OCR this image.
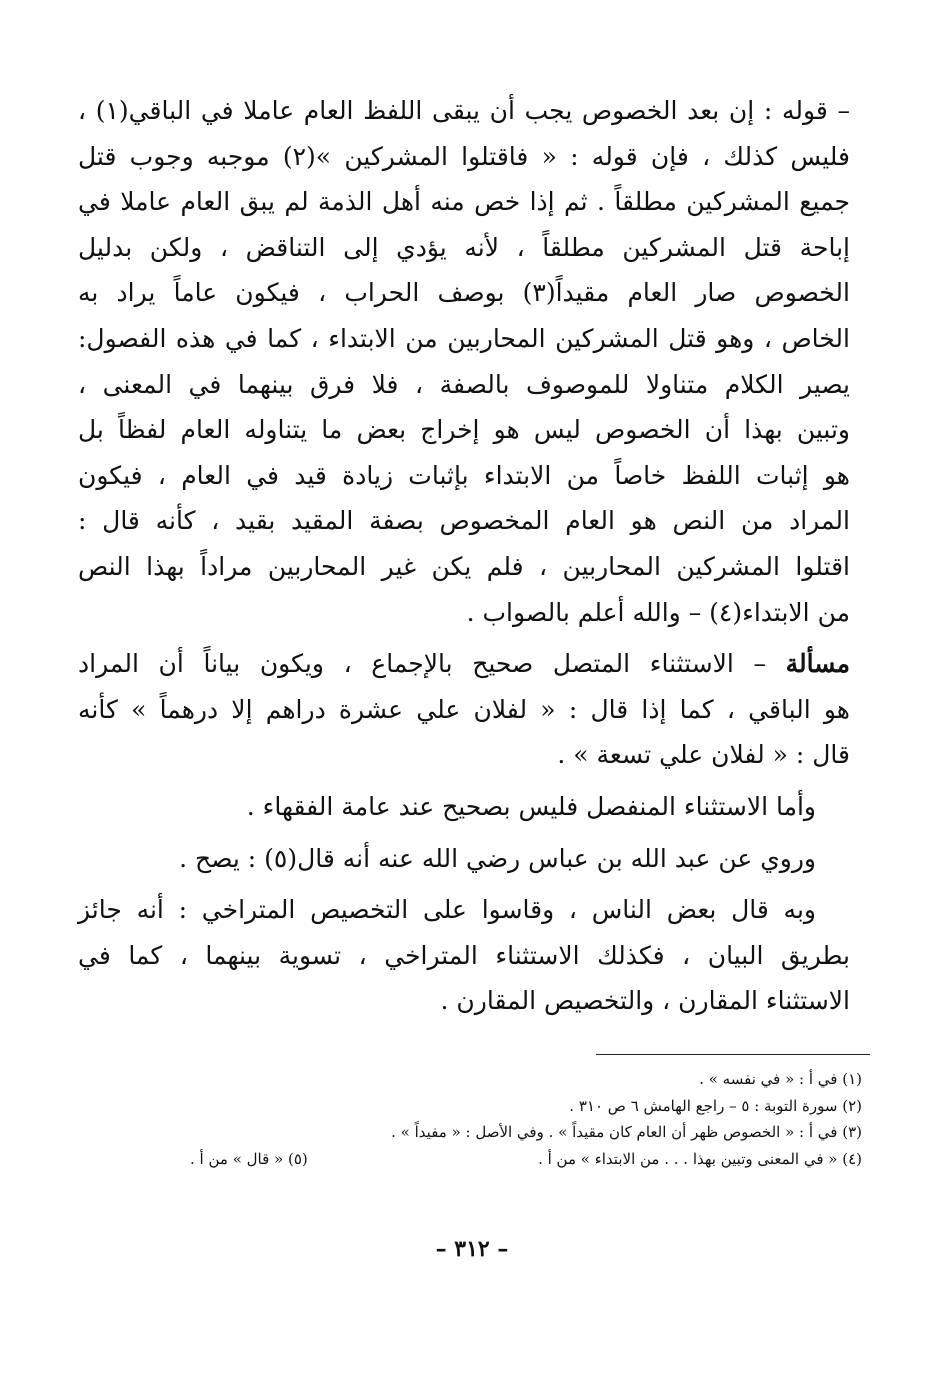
– قوله : إن بعد الخصوص يجب أن يبقى اللفظ العام عاملا في الباقي(١) ،
فليس كذلك ، فإن قوله : « فاقتلوا المشركين »(٢) موجبه وجوب قتل
جميع المشركين مطلقاً . ثم إذا خص منه أهل الذمة لم يبق العام عاملا في
إباحة قتل المشركين مطلقاً ، لأنه يؤدي إلى التناقض ، ولكن بدليل
الخصوص صار العام مقيداً(٣) بوصف الحراب ، فيكون عاماً يراد به
الخاص ، وهو قتل المشركين المحاربين من الابتداء ، كما في هذه الفصول:
يصير الكلام متناولا للموصوف بالصفة ، فلا فرق بينهما في المعنى ،
وتبين بهذا أن الخصوص ليس هو إخراج بعض ما يتناوله العام لفظاً بل
هو إثبات اللفظ خاصاً من الابتداء بإثبات زيادة قيد في العام ، فيكون
المراد من النص هو العام المخصوص بصفة المقيد بقيد ، كأنه قال :
اقتلوا المشركين المحاربين ، فلم يكن غير المحاربين مراداً بهذا النص
من الابتداء(٤) – والله أعلم بالصواب .
مسألة – الاستثناء المتصل صحيح بالإجماع ، ويكون بياناً أن المراد
هو الباقي ، كما إذا قال : « لفلان علي عشرة دراهم إلا درهماً » كأنه
قال : « لفلان علي تسعة » .
وأما الاستثناء المنفصل فليس بصحيح عند عامة الفقهاء .
وروي عن عبد الله بن عباس رضي الله عنه أنه قال(٥) : يصح .
وبه قال بعض الناس ، وقاسوا على التخصيص المتراخي : أنه جائز
بطريق البيان ، فكذلك الاستثناء المتراخي ، تسوية بينهما ، كما في
الاستثناء المقارن ، والتخصيص المقارن .
(١) في أ : « في نفسه » .
(٢) سورة التوبة : ٥ – راجع الهامش ٦ ص ٣١٠ .
(٣) في أ : « الخصوص ظهر أن العام كان مقيداً » . وفي الأصل : « مفيداً » .
(٤) « في المعنى وتبين بهذا . . . من الابتداء » من أ .
(٥) « قال » من أ .
– ٣١٢ –
